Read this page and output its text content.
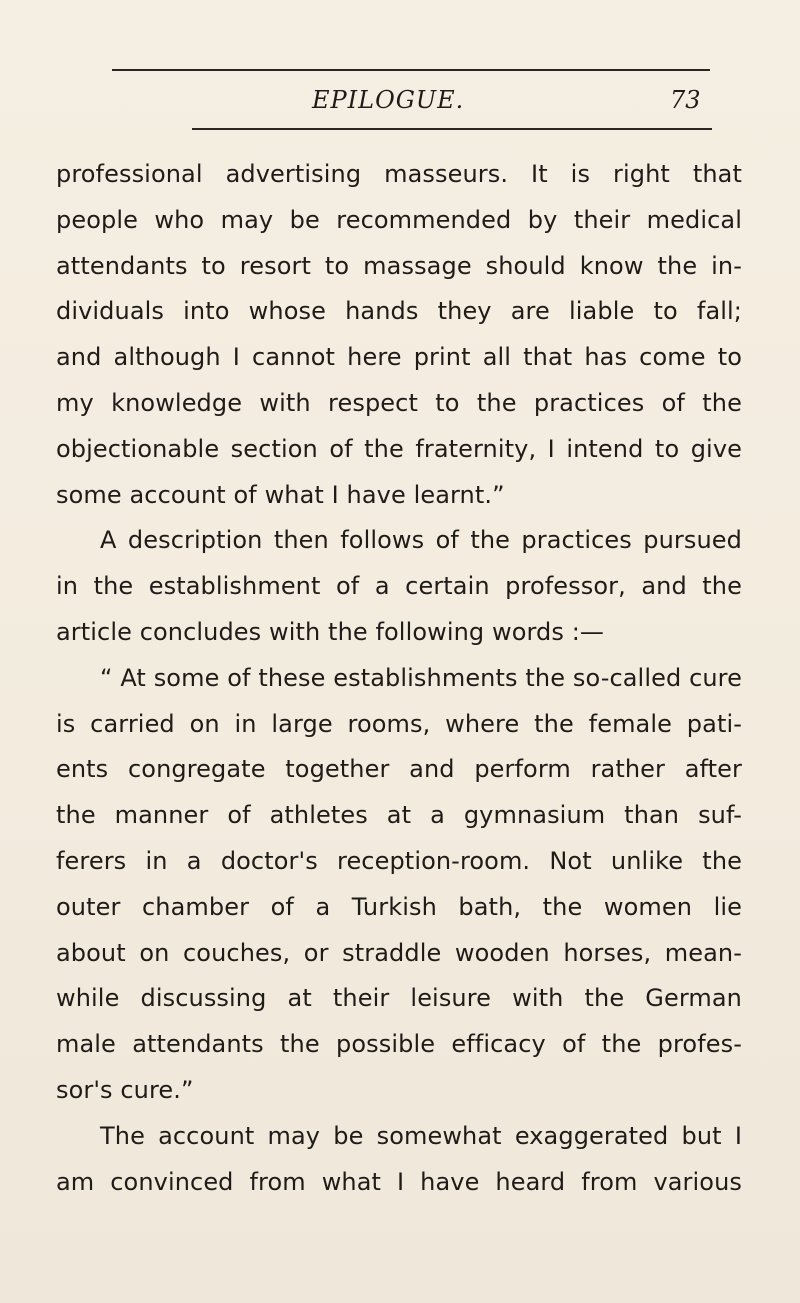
EPILOGUE.	73
professional advertising masseurs. It is right that
people who may be recommended by their medical
attendants to resort to massage should know the in-
dividuals into whose hands they are liable to fall;
and although I cannot here print all that has come to
my knowledge with respect to the practices of the
objectionable section of the fraternity, I intend to give
some account of what I have learnt.”
A description then follows of the practices pursued
in the establishment of a certain professor, and the
article concludes with the following words :—
“ At some of these establishments the so-called cure
is carried on in large rooms, where the female pati-
ents congregate together and perform rather after
the manner of athletes at a gymnasium than suf-
ferers in a doctor's reception-room. Not unlike the
outer chamber of a Turkish bath, the women lie
about on couches, or straddle wooden horses, mean-
while discussing at their leisure with the German
male attendants the possible efficacy of the profes-
sor's cure.”
The account may be somewhat exaggerated but I
am convinced from what I have heard from various
